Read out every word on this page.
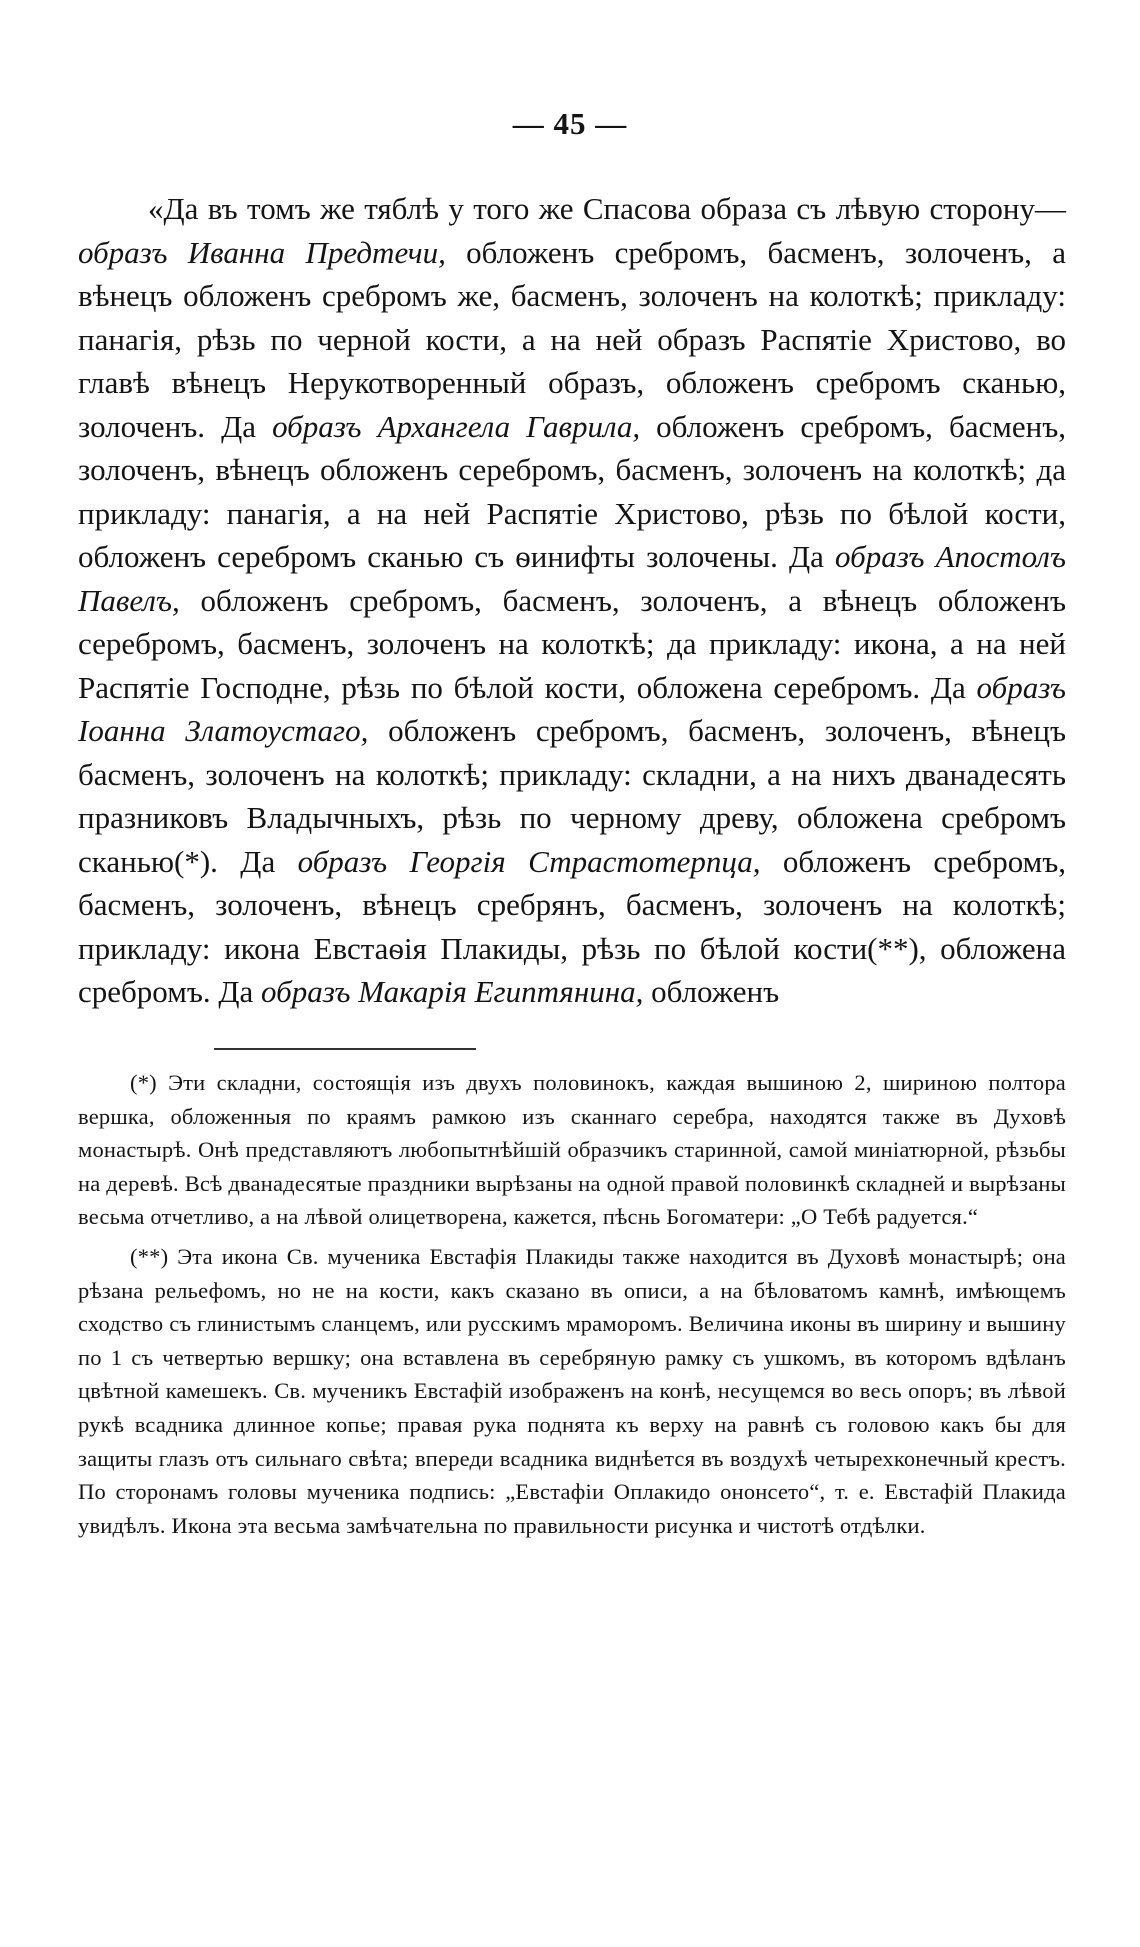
— 45 —

«Да въ томъ же тяблѣ у того же Спасова образа съ лѣвую сторону—образъ Иванна Предтечи, обложенъ сребромъ, басменъ, золоченъ, а вѣнецъ обложенъ сребромъ же, басменъ, золоченъ на колоткѣ; прикладу: панагія, рѣзь по черной кости, а на ней образъ Распятіе Христово, во главѣ вѣнецъ Нерукотворенный образъ, обложенъ сребромъ сканью, золоченъ. Да образъ Архангела Гаврила, обложенъ сребромъ, басменъ, золоченъ, вѣнецъ обложенъ серебромъ, басменъ, золоченъ на колоткѣ; да прикладу: панагія, а на ней Распятіе Христово, рѣзь по бѣлой кости, обложенъ серебромъ сканью съ ѳинифты золочены. Да образъ Апостолъ Павелъ, обложенъ сребромъ, басменъ, золоченъ, а вѣнецъ обложенъ серебромъ, басменъ, золоченъ на колоткѣ; да прикладу: икона, а на ней Распятіе Господне, рѣзь по бѣлой кости, обложена серебромъ. Да образъ Іоанна Златоустаго, обложенъ сребромъ, басменъ, золоченъ, вѣнецъ басменъ, золоченъ на колоткѣ; прикладу: складни, а на нихъ дванадесять празниковъ Владычныхъ, рѣзь по черному древу, обложена сребромъ сканью(*). Да образъ Георгія Страстотерпца, обложенъ сребромъ, басменъ, золоченъ, вѣнецъ сребрянъ, басменъ, золоченъ на колоткѣ; прикладу: икона Евстаѳія Плакиды, рѣзь по бѣлой кости(**), обложена сребромъ. Да образъ Макарія Египтянина, обложенъ

(*) Эти складни, состоящія изъ двухъ половинокъ, каждая вышиною 2, шириною полтора вершка, обложенныя по краямъ рамкою изъ сканнаго серебра, находятся также въ Духовѣ монастырѣ. Онѣ представляютъ любопытнѣйшій образчикъ старинной, самой миніатюрной, рѣзьбы на деревѣ. Всѣ дванадесятые праздники вырѣзаны на одной правой половинкѣ складней и вырѣзаны весьма отчетливо, а на лѣвой олицетворена, кажется, пѣснь Богоматери: „О Тебѣ радуется.“

(**) Эта икона Св. мученика Евстафія Плакиды также находится въ Духовѣ монастырѣ; она рѣзана рельефомъ, но не на кости, какъ сказано въ описи, а на бѣловатомъ камнѣ, имѣющемъ сходство съ глинистымъ сланцемъ, или русскимъ мраморомъ. Величина иконы въ ширину и вышину по 1 съ четвертью вершку; она вставлена въ серебряную рамку съ ушкомъ, въ которомъ вдѣланъ цвѣтной камешекъ. Св. мученикъ Евстафій изображенъ на конѣ, несущемся во весь опоръ; въ лѣвой рукѣ всадника длинное копье; правая рука поднята къ верху на равнѣ съ головою какъ бы для защиты глазъ отъ сильнаго свѣта; впереди всадника виднѣется въ воздухѣ четырехконечный крестъ. По сторонамъ головы мученика подпись: „Евстафіи Оплакидо ононсето“, т. е. Евстафій Плакида увидѣлъ. Икона эта весьма замѣчательна по правильности рисунка и чистотѣ отдѣлки.
